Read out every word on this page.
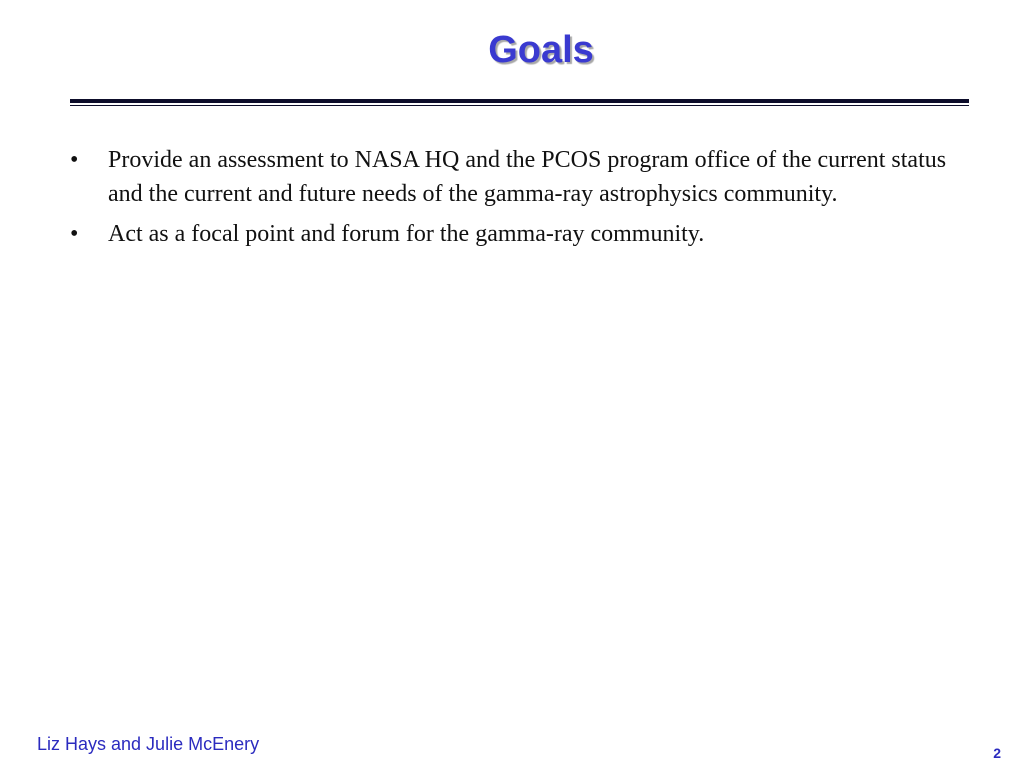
Goals
• Provide an assessment to NASA HQ and the PCOS program office of the current status and the current and future needs of the gamma-ray astrophysics community.
• Act as a focal point and forum for the gamma-ray community.
Liz Hays and Julie McEnery	2
